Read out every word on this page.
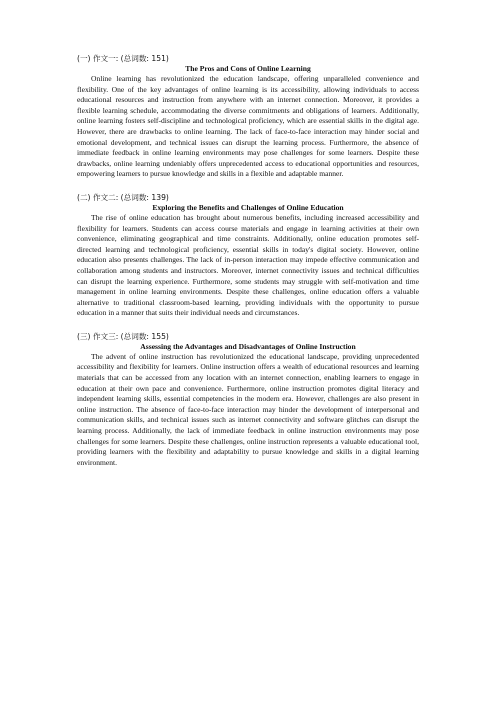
(一) 作文一: (总词数: 151)

The Pros and Cons of Online Learning

Online learning has revolutionized the education landscape, offering unparalleled convenience and flexibility. One of the key advantages of online learning is its accessibility, allowing individuals to access educational resources and instruction from anywhere with an internet connection. Moreover, it provides a flexible learning schedule, accommodating the diverse commitments and obligations of learners. Additionally, online learning fosters self-discipline and technological proficiency, which are essential skills in the digital age. However, there are drawbacks to online learning. The lack of face-to-face interaction may hinder social and emotional development, and technical issues can disrupt the learning process. Furthermore, the absence of immediate feedback in online learning environments may pose challenges for some learners. Despite these drawbacks, online learning undeniably offers unprecedented access to educational opportunities and resources, empowering learners to pursue knowledge and skills in a flexible and adaptable manner.

(二) 作文二: (总词数: 139)

Exploring the Benefits and Challenges of Online Education

The rise of online education has brought about numerous benefits, including increased accessibility and flexibility for learners. Students can access course materials and engage in learning activities at their own convenience, eliminating geographical and time constraints. Additionally, online education promotes self-directed learning and technological proficiency, essential skills in today's digital society. However, online education also presents challenges. The lack of in-person interaction may impede effective communication and collaboration among students and instructors. Moreover, internet connectivity issues and technical difficulties can disrupt the learning experience. Furthermore, some students may struggle with self-motivation and time management in online learning environments. Despite these challenges, online education offers a valuable alternative to traditional classroom-based learning, providing individuals with the opportunity to pursue education in a manner that suits their individual needs and circumstances.

(三) 作文三: (总词数: 155)

Assessing the Advantages and Disadvantages of Online Instruction

The advent of online instruction has revolutionized the educational landscape, providing unprecedented accessibility and flexibility for learners. Online instruction offers a wealth of educational resources and learning materials that can be accessed from any location with an internet connection, enabling learners to engage in education at their own pace and convenience. Furthermore, online instruction promotes digital literacy and independent learning skills, essential competencies in the modern era. However, challenges are also present in online instruction. The absence of face-to-face interaction may hinder the development of interpersonal and communication skills, and technical issues such as internet connectivity and software glitches can disrupt the learning process. Additionally, the lack of immediate feedback in online instruction environments may pose challenges for some learners. Despite these challenges, online instruction represents a valuable educational tool, providing learners with the flexibility and adaptability to pursue knowledge and skills in a digital learning environment.
